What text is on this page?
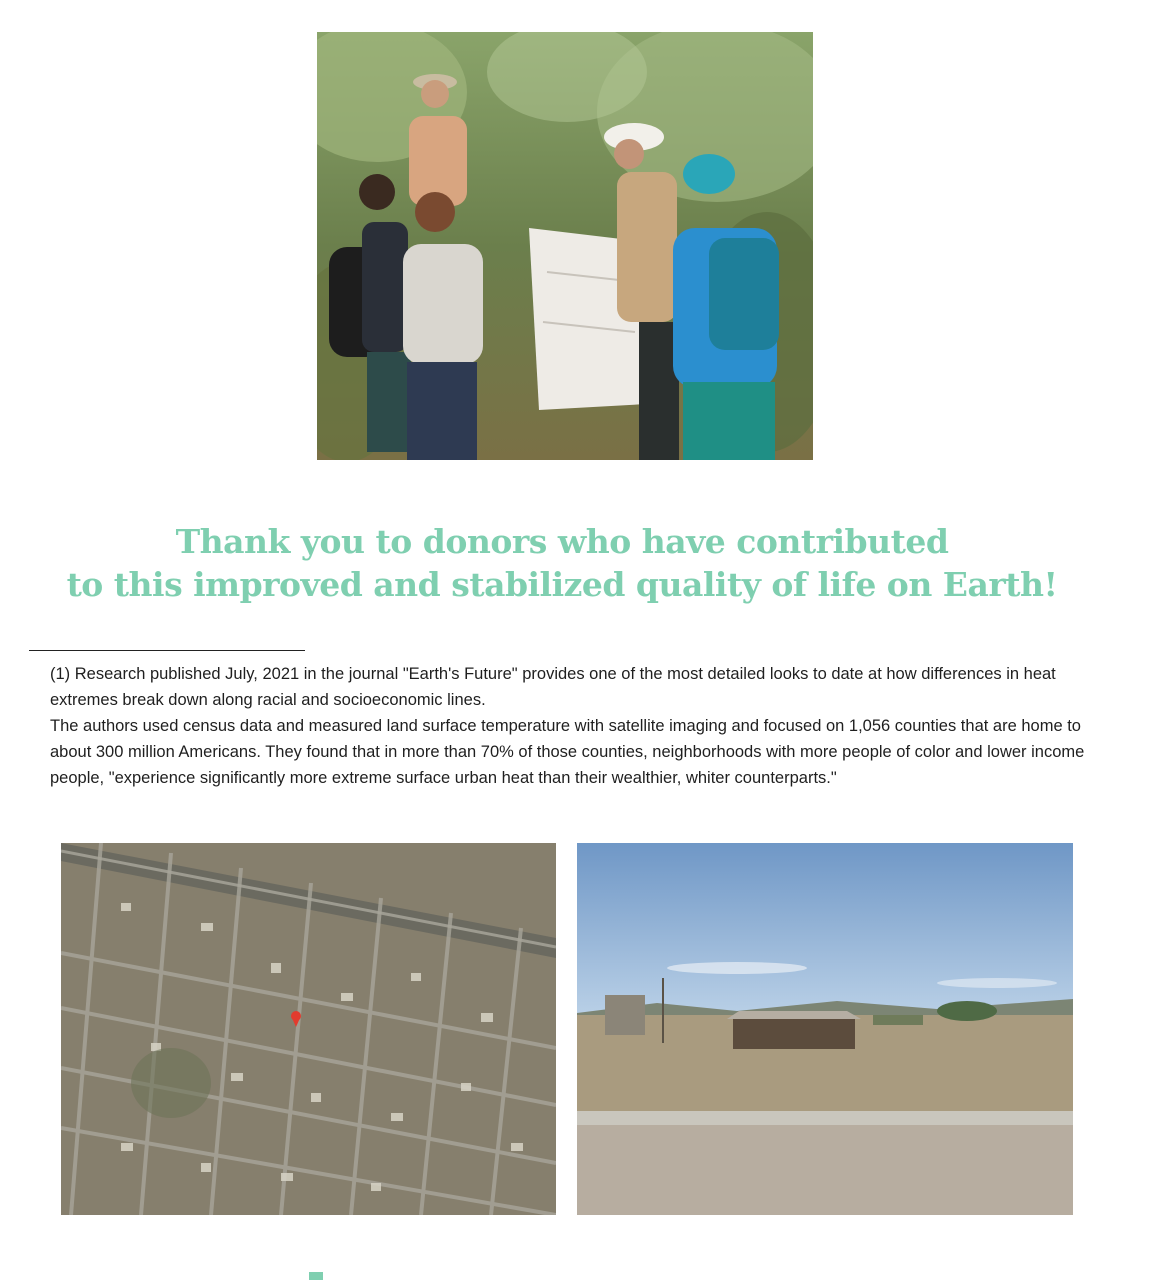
Thank you to donors who have contributed
to this improved and stabilized quality of life on Earth!

(1) Research published July, 2021 in the journal "Earth's Future" provides one of the most detailed looks to date at how differences in heat extremes break down along racial and socioeconomic lines.

The authors used census data and measured land surface temperature with satellite imaging and focused on 1,056 counties that are home to about 300 million Americans. They found that in more than 70% of those counties, neighborhoods with more people of color and lower income people, "experience significantly more extreme surface urban heat than their wealthier, whiter counterparts."
